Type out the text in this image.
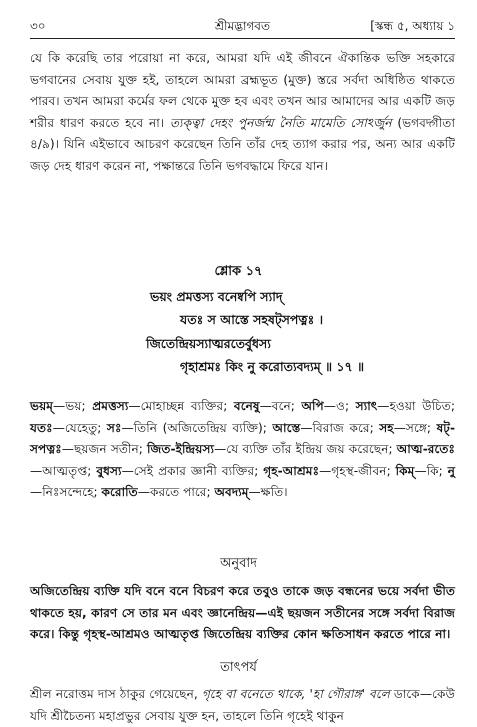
৩০	শ্রীমদ্ভাগবত	[স্কন্ধ ৫, অধ্যায় ১
যে কি করেছি তার পরোয়া না করে, আমরা যদি এই জীবনে ঐকান্তিক ভক্তি সহকারে ভগবানের সেবায় যুক্ত হই, তাহলে আমরা ব্রহ্মভূত (মুক্ত) স্তরে সর্বদা অধিষ্ঠিত থাকতে পারব। তখন আমরা কর্মের ফল থেকে মুক্ত হব এবং তখন আর আমাদের আর একটি জড় শরীর ধারণ করতে হবে না। ত্যক্ত্বা দেহং পুনর্জন্ম নৈতি মামেতি সোঽর্জুন (ভগবদ্গীতা ৪/৯)। যিনি এইভাবে আচরণ করেছেন তিনি তাঁর দেহ ত্যাগ করার পর, অন্য আর একটি জড় দেহ ধারণ করেন না, পক্ষান্তরে তিনি ভগবদ্ধামে ফিরে যান।
শ্লোক ১৭
ভয়ং প্রমত্তস্য বনেষ্বপি স্যাদ্
যতঃ স আস্তে সহষট্সপত্নঃ ।
জিতেন্দ্রিয়স্যাত্মরতের্বুধস্য
গৃহাশ্রমঃ কিং নু করোত্যবদ্যম্ ॥ ১৭ ॥
ভয়ম্—ভয়; প্রমত্তস্য—মোহাচ্ছন্ন ব্যক্তির; বনেষু—বনে; অপি—ও; স্যাৎ—হওয়া উচিত; যতঃ—যেহেতু; সঃ—তিনি (অজিতেন্দ্রিয় ব্যক্তি); আস্তে—বিরাজ করে; সহ—সঙ্গে; ষট্-সপত্নঃ—ছয়জন সতীন; জিত-ইন্দ্রিয়স্য—যে ব্যক্তি তাঁর ইন্দ্রিয় জয় করেছেন; আত্ম-রতেঃ—আত্মতৃপ্ত; বুধস্য—সেই প্রকার জ্ঞানী ব্যক্তির; গৃহ-আশ্রমঃ—গৃহস্থ-জীবন; কিম্—কি; নু—নিঃসন্দেহে; করোতি—করতে পারে; অবদ্যম্—ক্ষতি।
অনুবাদ
অজিতেন্দ্রিয় ব্যক্তি যদি বনে বনে বিচরণ করে তবুও তাকে জড় বন্ধনের ভয়ে সর্বদা ভীত থাকতে হয়, কারণ সে তার মন এবং জ্ঞানেন্দ্রিয়—এই ছয়জন সতীনের সঙ্গে সর্বদা বিরাজ করে। কিন্তু গৃহস্থ-আশ্রমও আত্মতৃপ্ত জিতেন্দ্রিয় ব্যক্তির কোন ক্ষতিসাধন করতে পারে না।
তাৎপর্য
শ্রীল নরোত্তম দাস ঠাকুর গেয়েছেন, গৃহে বা বনেতে থাকে, 'হা গৌরাঙ্গ' বলে ডাকে—কেউ যদি শ্রীচৈতন্য মহাপ্রভুর সেবায় যুক্ত হন, তাহলে তিনি গৃহেই থাকুন
